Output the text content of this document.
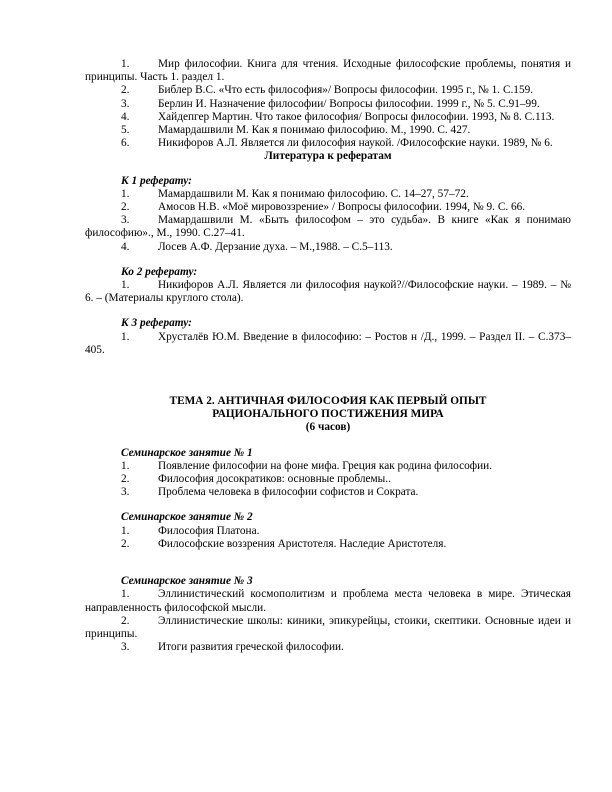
1.	Мир философии. Книга для чтения. Исходные философские проблемы, понятия и принципы. Часть 1. раздел 1.
2.	Библер В.С. «Что есть философия»/ Вопросы философии. 1995 г., № 1. С.159.
3.	Берлин И. Назначение философии/ Вопросы философии. 1999 г., № 5. С.91–99.
4.	Хайдепгер Мартин. Что такое философия/ Вопросы философии. 1993, № 8. С.113.
5.	Мамардашвили М. Как я понимаю философию. М., 1990. С. 427.
6.	Никифоров А.Л. Является ли философия наукой. /Философские науки. 1989, № 6.
Литература к рефератам
К 1 реферату:
1.	Мамардашвили М. Как я понимаю философию. С. 14–27, 57–72.
2.	Амосов Н.В. «Моё мировоззрение» / Вопросы философии. 1994, № 9. С. 66.
3.	Мамардашвили М. «Быть философом – это судьба». В книге «Как я понимаю философию»., М., 1990. С.27–41.
4.	Лосев А.Ф. Дерзание духа. – М.,1988. – С.5–113.
Ко 2 реферату:
1.	Никифоров А.Л. Является ли философия наукой?//Философские науки. – 1989. – № 6. – (Материалы круглого стола).
К 3 реферату:
1.	Хрусталёв Ю.М. Введение в философию: – Ростов н /Д., 1999. – Раздел II. – С.373–405.
ТЕМА 2. АНТИЧНАЯ ФИЛОСОФИЯ КАК ПЕРВЫЙ ОПЫТ
РАЦИОНАЛЬНОГО ПОСТИЖЕНИЯ МИРА
(6 часов)
Семинарское занятие № 1
1.	Появление философии на фоне мифа. Греция как родина философии.
2.	Философия досократиков: основные проблемы..
3.	Проблема человека в философии софистов и Сократа.
Семинарское занятие № 2
1.	Философия Платона.
2.	Философские воззрения Аристотеля. Наследие Аристотеля.
Семинарское занятие № 3
1.	Эллинистический космополитизм и проблема места человека в мире. Этическая направленность философской мысли.
2.	Эллинистические школы: киники, эпикурейцы, стоики, скептики. Основные идеи и принципы.
3.	Итоги развития греческой философии.
